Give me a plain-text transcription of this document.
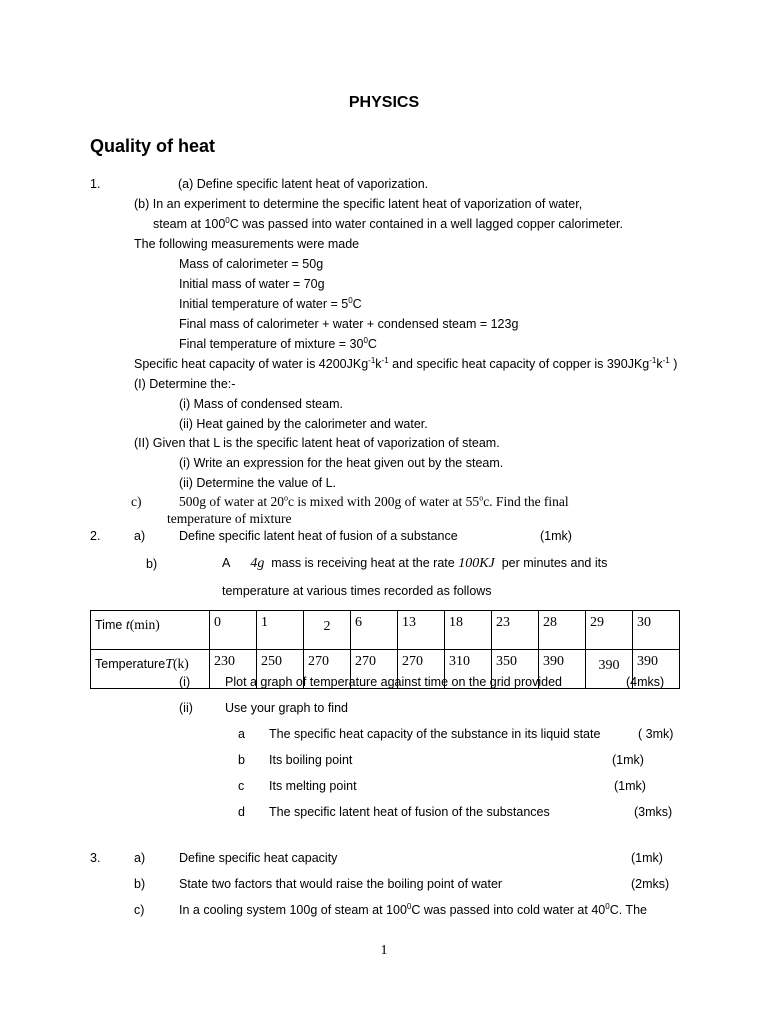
PHYSICS
Quality of heat
1.	(a) Define specific latent heat of vaporization.
(b) In an experiment to determine the specific latent heat of vaporization of water,
steam at $100^0C$ was passed into water contained in a well lagged copper calorimeter.
The following measurements were made
Mass of calorimeter = 50g
Initial mass of water = 70g
Initial temperature of water = $5^0C$
Final mass of calorimeter + water + condensed steam = 123g
Final temperature of mixture = $30^0C$
Specific heat capacity of water is $4200JKg^{-1}k^{-1}$ and specific heat capacity of copper is $390JKg^{-1}k^{-1}$ )
(I) Determine the:-
(i) Mass of condensed steam.
(ii) Heat gained by the calorimeter and water.
(II) Given that L is the specific latent heat of vaporization of steam.
(i) Write an expression for the heat given out by the steam.
(ii) Determine the value of L.
c)	500g of water at 20$^o$c is mixed with 200g of water at 55$^o$c. Find the final
temperature of mixture
2.	a)	Define specific latent heat of fusion of a substance	(1mk)
b)	A 4g mass is receiving heat at the rate 100KJ per minutes and its
temperature at various times recorded as follows
Time t(min)	0	1	2	6	13	18	23	28	29	30
TemperatureT(k)	230	250	270	270	270	310	350	390	390	390
(i)	Plot a graph of temperature against time on the grid provided	(4mks)
(ii)	Use your graph to find
a The specific heat capacity of the substance in its liquid state	( 3mk)
b Its boiling point	(1mk)
c Its melting point	(1mk)
d The specific latent heat of fusion of the substances	(3mks)
3.	a)	Define specific heat capacity	(1mk)
b)	State two factors that would raise the boiling point of water	(2mks)
c)	In a cooling system 100g of steam at $100^0C$ was passed into cold water at $40^0C$. The
1
